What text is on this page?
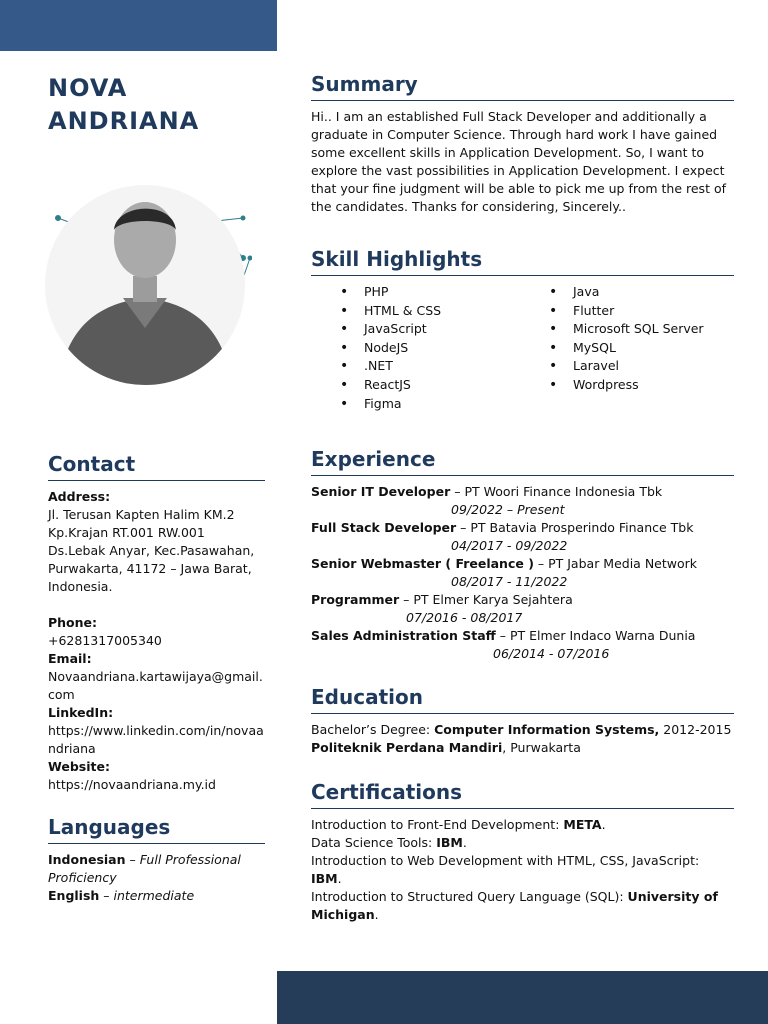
NOVA
ANDRIANA
Summary
Hi.. I am an established Full Stack Developer and additionally a graduate in Computer Science. Through hard work I have gained some excellent skills in Application Development. So, I want to explore the vast possibilities in Application Development. I expect that your fine judgment will be able to pick me up from the rest of the candidates. Thanks for considering, Sincerely..
Skill Highlights
• PHP
• HTML & CSS
• JavaScript
• NodeJS
• .NET
• ReactJS
• Figma
• Java
• Flutter
• Microsoft SQL Server
• MySQL
• Laravel
• Wordpress
Experience
Senior IT Developer – PT Woori Finance Indonesia Tbk
09/2022 – Present
Full Stack Developer – PT Batavia Prosperindo Finance Tbk
04/2017 - 09/2022
Senior Webmaster ( Freelance ) – PT Jabar Media Network
08/2017 - 11/2022
Programmer – PT Elmer Karya Sejahtera
07/2016 - 08/2017
Sales Administration Staff – PT Elmer Indaco Warna Dunia
06/2014 - 07/2016
Education
Bachelor’s Degree: Computer Information Systems, 2012-2015
Politeknik Perdana Mandiri, Purwakarta
Certifications
Introduction to Front-End Development: META.
Data Science Tools: IBM.
Introduction to Web Development with HTML, CSS, JavaScript: IBM.
Introduction to Structured Query Language (SQL): University of Michigan.
Contact
Address:
Jl. Terusan Kapten Halim KM.2
Kp.Krajan RT.001 RW.001
Ds.Lebak Anyar, Kec.Pasawahan,
Purwakarta, 41172 – Jawa Barat,
Indonesia.
Phone:
+6281317005340
Email:
Novaandriana.kartawijaya@gmail.com
LinkedIn:
https://www.linkedin.com/in/novaandriana
Website:
https://novaandriana.my.id
Languages
Indonesian – Full Professional Proficiency
English – intermediate
